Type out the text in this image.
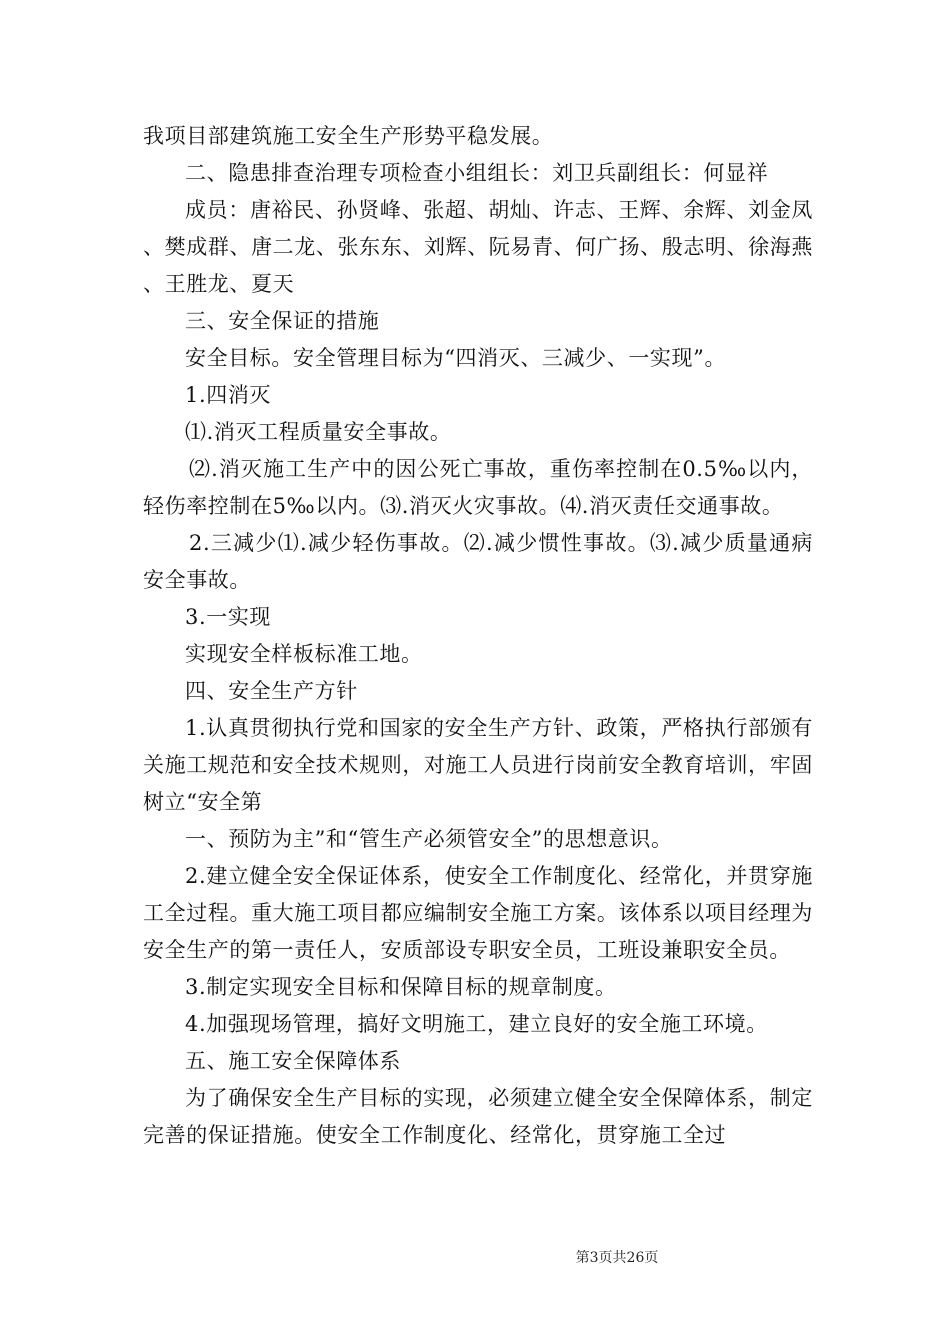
我项目部建筑施工安全生产形势平稳发展。

二、隐患排查治理专项检查小组组长：刘卫兵副组长：何显祥

成员：唐裕民、孙贤峰、张超、胡灿、许志、王辉、余辉、刘金凤、樊成群、唐二龙、张东东、刘辉、阮易青、何广扬、殷志明、徐海燕、王胜龙、夏天

三、安全保证的措施

安全目标。安全管理目标为“四消灭、三减少、一实现”。

1.四消灭

⑴.消灭工程质量安全事故。

⑵.消灭施工生产中的因公死亡事故，重伤率控制在0.5‰以内，轻伤率控制在5‰以内。⑶.消灭火灾事故。⑷.消灭责任交通事故。

2.三减少⑴.减少轻伤事故。⑵.减少惯性事故。⑶.减少质量通病安全事故。

3.一实现

实现安全样板标准工地。

四、安全生产方针

1.认真贯彻执行党和国家的安全生产方针、政策，严格执行部颁有关施工规范和安全技术规则，对施工人员进行岗前安全教育培训，牢固树立“安全第

一、预防为主”和“管生产必须管安全”的思想意识。

2.建立健全安全保证体系，使安全工作制度化、经常化，并贯穿施工全过程。重大施工项目都应编制安全施工方案。该体系以项目经理为安全生产的第一责任人，安质部设专职安全员，工班设兼职安全员。

3.制定实现安全目标和保障目标的规章制度。

4.加强现场管理，搞好文明施工，建立良好的安全施工环境。

五、施工安全保障体系

为了确保安全生产目标的实现，必须建立健全安全保障体系，制定完善的保证措施。使安全工作制度化、经常化，贯穿施工全过

第3页共26页
